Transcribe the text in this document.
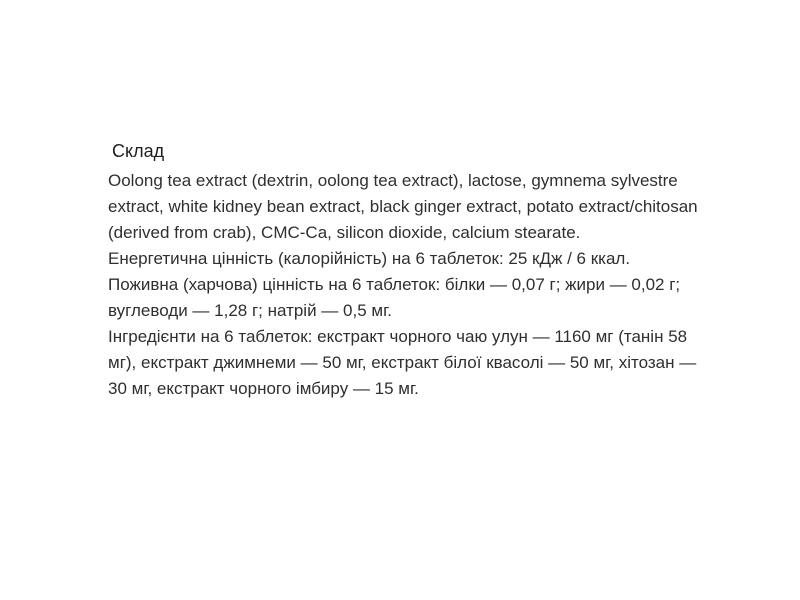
Склад

Oolong tea extract (dextrin, oolong tea extract), lactose, gymnema sylvestre extract, white kidney bean extract, black ginger extract, potato extract/chitosan (derived from crab), CMC-Ca, silicon dioxide, calcium stearate.

Енергетична цінність (калорійність) на 6 таблеток: 25 кДж / 6 ккал.

Поживна (харчова) цінність на 6 таблеток: білки — 0,07 г; жири — 0,02 г; вуглеводи — 1,28 г; натрій — 0,5 мг.

Інгредієнти на 6 таблеток: екстракт чорного чаю улун — 1160 мг (танін 58 мг), екстракт джимнеми — 50 мг, екстракт білої квасолі — 50 мг, хітозан — 30 мг, екстракт чорного імбиру — 15 мг.
